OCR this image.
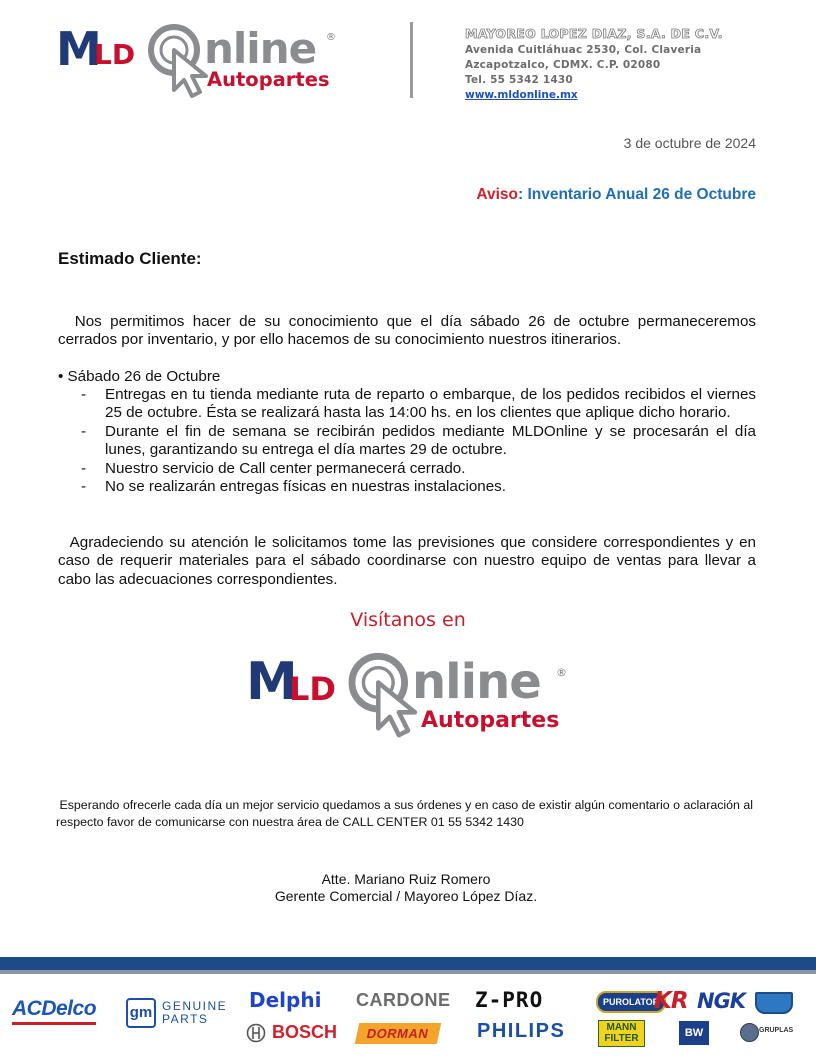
M
LD nline ®
Autopartes
MAYOREO LOPEZ DIAZ, S.A. DE C.V.
Avenida Cuitláhuac 2530, Col. Claveria
Azcapotzalco, CDMX. C.P. 02080
Tel. 55 5342 1430
www.mldonline.mx
3 de octubre de 2024
Aviso: Inventario Anual 26 de Octubre
Estimado Cliente:
Nos permitimos hacer de su conocimiento que el día sábado 26 de octubre permaneceremos cerrados por inventario, y por ello hacemos de su conocimiento nuestros itinerarios.
• Sábado 26 de Octubre
- Entregas en tu tienda mediante ruta de reparto o embarque, de los pedidos recibidos el viernes 25 de octubre. Ésta se realizará hasta las 14:00 hs. en los clientes que aplique dicho horario.
- Durante el fin de semana se recibirán pedidos mediante MLDOnline y se procesarán el día lunes, garantizando su entrega el día martes 29 de octubre.
- Nuestro servicio de Call center permanecerá cerrado.
- No se realizarán entregas físicas en nuestras instalaciones.
Agradeciendo su atención le solicitamos tome las previsiones que considere correspondientes y en caso de requerir materiales para el sábado coordinarse con nuestro equipo de ventas para llevar a cabo las adecuaciones correspondientes.
Visítanos en
M
LD nline ®
Autopartes
Esperando ofrecerle cada día un mejor servicio quedamos a sus órdenes y en caso de existir algún comentario o aclaración al respecto favor de comunicarse con nuestra área de CALL CENTER 01 55 5342 1430
Atte. Mariano Ruiz Romero
Gerente Comercial / Mayoreo López Díaz.
ACDelco gm GENUINE
PARTS
Delphi CARDONE Z-PRO	PUROLATOR
KR NGK
BOSCH	DORMAN	PHILIPS	MANN
FILTER	BW	GRUPLAS
